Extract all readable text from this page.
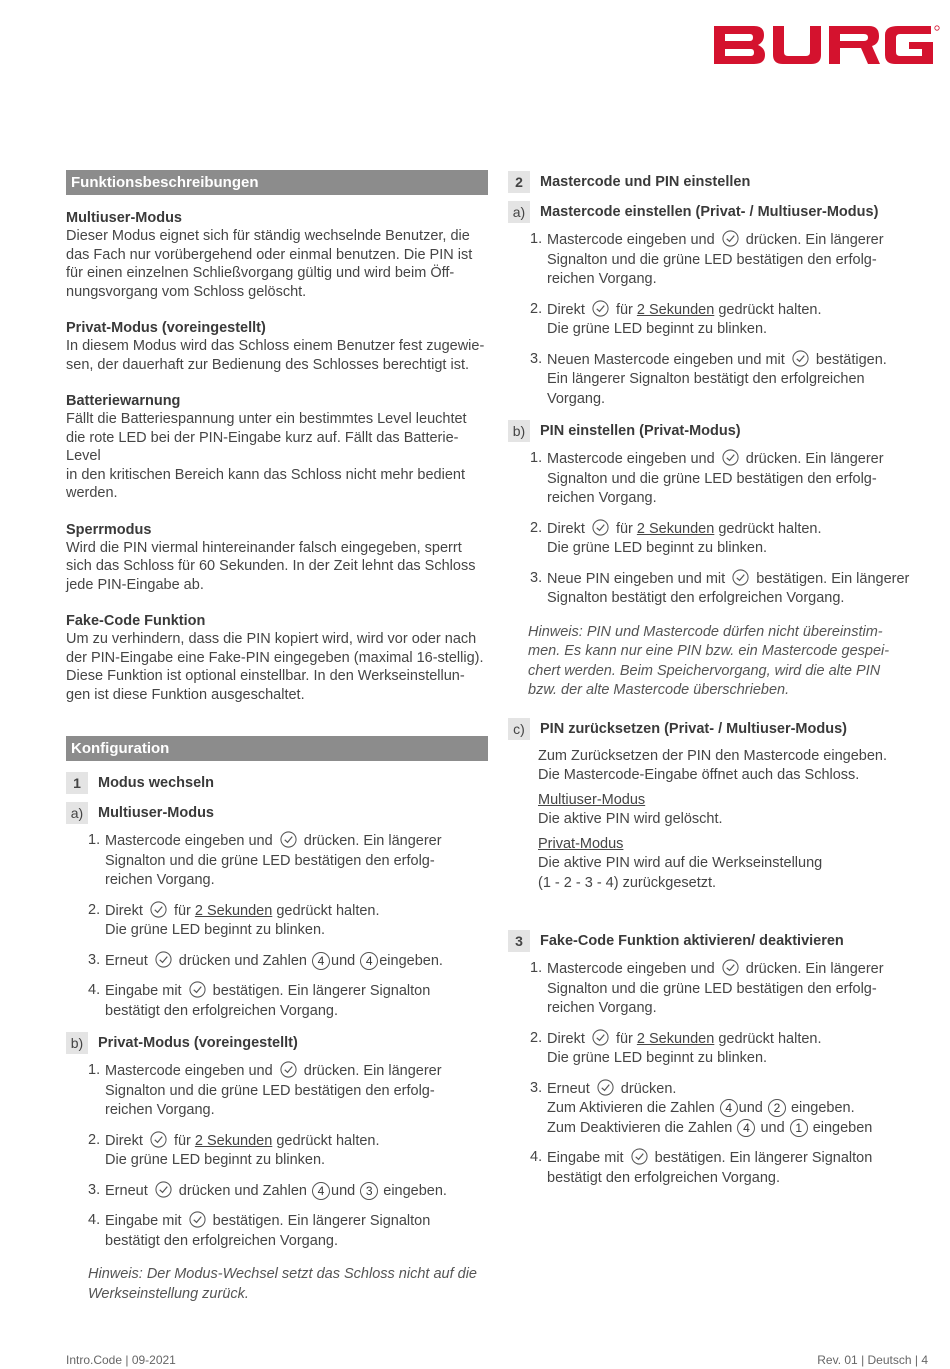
Funktionsbeschreibungen
Multiuser-Modus
Dieser Modus eignet sich für ständig wechselnde Benutzer, die
das Fach nur vorübergehend oder einmal benutzen. Die PIN ist
für einen einzelnen Schließvorgang gültig und wird beim Öff-
nungsvorgang vom Schloss gelöscht.
Privat-Modus (voreingestellt)
In diesem Modus wird das Schloss einem Benutzer fest zugewie-
sen, der dauerhaft zur Bedienung des Schlosses berechtigt ist.
Batteriewarnung
Fällt die Batteriespannung unter ein bestimmtes Level leuchtet
die rote LED bei der PIN-Eingabe kurz auf. Fällt das Batterie-Level
in den kritischen Bereich kann das Schloss nicht mehr bedient
werden.
Sperrmodus
Wird die PIN viermal hintereinander falsch eingegeben, sperrt
sich das Schloss für 60 Sekunden. In der Zeit lehnt das Schloss
jede PIN-Eingabe ab.
Fake-Code Funktion
Um zu verhindern, dass die PIN kopiert wird, wird vor oder nach
der PIN-Eingabe eine Fake-PIN eingegeben (maximal 16-stellig).
Diese Funktion ist optional einstellbar. In den Werkseinstellun-
gen ist diese Funktion ausgeschaltet.
Konfiguration
1	Modus wechseln
a)	Multiuser-Modus
1. Mastercode eingeben und drücken. Ein längerer
Signalton und die grüne LED bestätigen den erfolg-
reichen Vorgang.
2. Direkt für 2 Sekunden gedrückt halten.
Die grüne LED beginnt zu blinken.
3. Erneut drücken und Zahlen 4 und 4 eingeben.
4. Eingabe mit bestätigen. Ein längerer Signalton
bestätigt den erfolgreichen Vorgang.
b)	Privat-Modus (voreingestellt)
1. Mastercode eingeben und drücken. Ein längerer
Signalton und die grüne LED bestätigen den erfolg-
reichen Vorgang.
2. Direkt für 2 Sekunden gedrückt halten.
Die grüne LED beginnt zu blinken.
3. Erneut drücken und Zahlen 4 und 3 eingeben.
4. Eingabe mit bestätigen. Ein längerer Signalton
bestätigt den erfolgreichen Vorgang.
Hinweis: Der Modus-Wechsel setzt das Schloss nicht auf die
Werkseinstellung zurück.
2	Mastercode und PIN einstellen
a)	Mastercode einstellen (Privat- / Multiuser-Modus)
1. Mastercode eingeben und drücken. Ein längerer
Signalton und die grüne LED bestätigen den erfolg-
reichen Vorgang.
2. Direkt für 2 Sekunden gedrückt halten.
Die grüne LED beginnt zu blinken.
3. Neuen Mastercode eingeben und mit bestätigen.
Ein längerer Signalton bestätigt den erfolgreichen
Vorgang.
b)	PIN einstellen (Privat-Modus)
1. Mastercode eingeben und drücken. Ein längerer
Signalton und die grüne LED bestätigen den erfolg-
reichen Vorgang.
2. Direkt für 2 Sekunden gedrückt halten.
Die grüne LED beginnt zu blinken.
3. Neue PIN eingeben und mit bestätigen. Ein längerer
Signalton bestätigt den erfolgreichen Vorgang.
Hinweis: PIN und Mastercode dürfen nicht übereinstim-
men. Es kann nur eine PIN bzw. ein Mastercode gespei-
chert werden. Beim Speichervorgang, wird die alte PIN
bzw. der alte Mastercode überschrieben.
c)	PIN zurücksetzen (Privat- / Multiuser-Modus)
Zum Zurücksetzen der PIN den Mastercode eingeben.
Die Mastercode-Eingabe öffnet auch das Schloss.
Multiuser-Modus
Die aktive PIN wird gelöscht.
Privat-Modus
Die aktive PIN wird auf die Werkseinstellung
(1 - 2 - 3 - 4) zurückgesetzt.
3	Fake-Code Funktion aktivieren/ deaktivieren
1. Mastercode eingeben und drücken. Ein längerer
Signalton und die grüne LED bestätigen den erfolg-
reichen Vorgang.
2. Direkt für 2 Sekunden gedrückt halten.
Die grüne LED beginnt zu blinken.
3. Erneut drücken.
Zum Aktivieren die Zahlen 4 und 2 eingeben.
Zum Deaktivieren die Zahlen 4 und 1 eingeben
4. Eingabe mit bestätigen. Ein längerer Signalton
bestätigt den erfolgreichen Vorgang.
Intro.Code | 09-2021	Rev. 01 | Deutsch | 4
